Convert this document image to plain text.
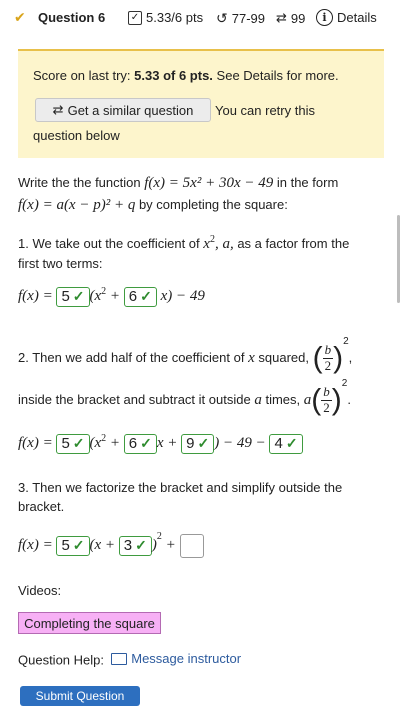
✔ Question 6	✓ 5.33/6 pts ↺ 77-99 ⇄ 99	i Details
Score on last try: 5.33 of 6 pts. See Details for more.
⇄ Get a similar question You can retry this
question below
Write the the function f(x) = 5x² + 30x − 49 in the form
f(x) = a(x − p)² + q by completing the square:
1. We take out the coefficient of $x^2$, a, as a factor from the
first two terms:
f(x) = 5 ✓ ($x^2 + 6$ ✓ x) − 49
2. Then we add half of the coefficient of x squared, ( $\frac{b}{2} )^2$,
inside the bracket and subtract it outside a times, $a( \frac{b}{2} )^2$.
f(x) = 5 ✓ ($x^2 + 6$ ✓ x + 9 ✓ ) − 49 − 4 ✓
3. Then we factorize the bracket and simplify outside the
bracket.
f(x) = 5 ✓ (x + 3 ✓ )$^2$ +
Videos:
Completing the square
Question Help: Message instructor
Submit Question
